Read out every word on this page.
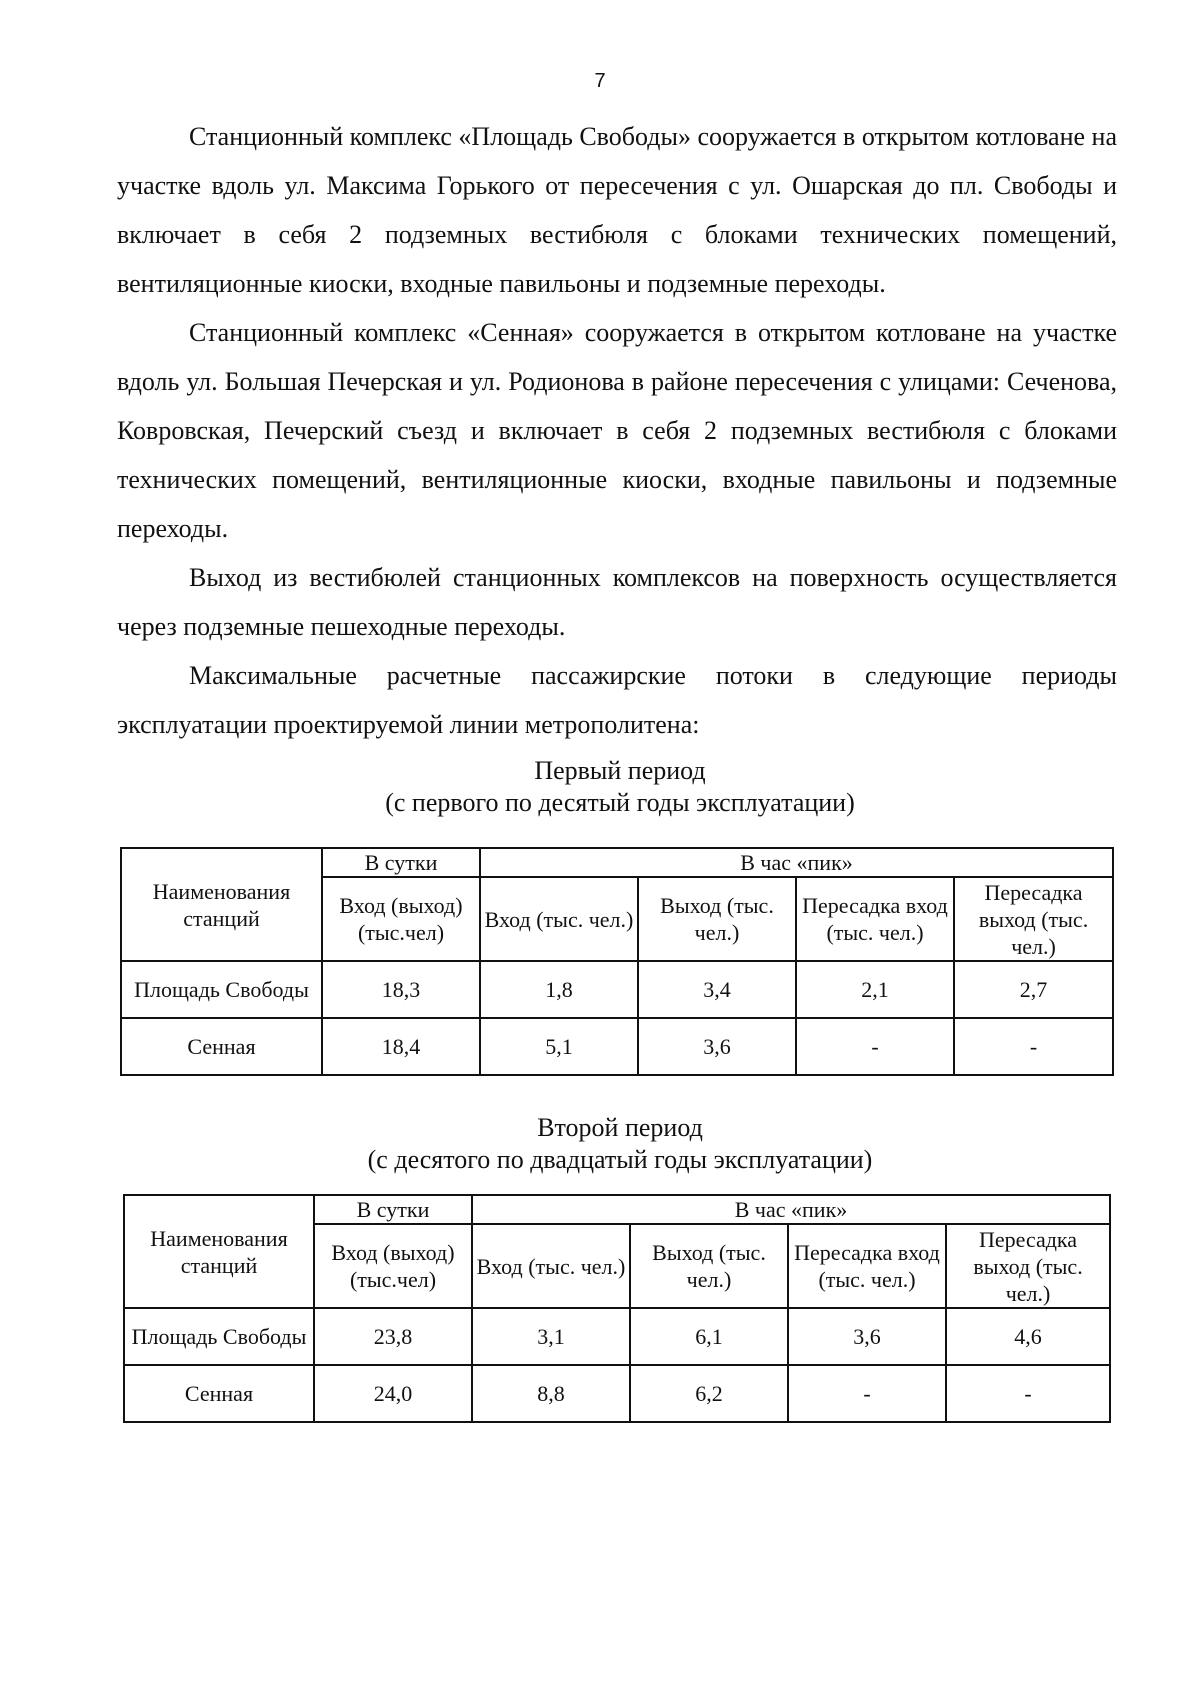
7

Станционный комплекс «Площадь Свободы» сооружается в открытом котловане на участке вдоль ул. Максима Горького от пересечения с ул. Ошарская до пл. Свободы и включает в себя 2 подземных вестибюля с блоками технических помещений, вентиляционные киоски, входные павильоны и подземные переходы.

Станционный комплекс «Сенная» сооружается в открытом котловане на участке вдоль ул. Большая Печерская и ул. Родионова в районе пересечения с улицами: Сеченова, Ковровская, Печерский съезд и включает в себя 2 подземных вестибюля с блоками технических помещений, вентиляционные киоски, входные павильоны и подземные переходы.

Выход из вестибюлей станционных комплексов на поверхность осуществляется через подземные пешеходные переходы.

Максимальные расчетные пассажирские потоки в следующие периоды эксплуатации проектируемой линии метрополитена:

Первый период

(с первого по десятый годы эксплуатации)

Наименования станций	В сутки	В час «пик»			
	Вход (выход) (тыс.чел)	Вход (тыс. чел.)	Выход (тыс. чел.)	Пересадка вход (тыс. чел.)	Пересадка выход (тыс. чел.)
Площадь Свободы	18,3	1,8	3,4	2,1	2,7
Сенная	18,4	5,1	3,6	-	-

Второй период

(с десятого по двадцатый годы эксплуатации)

Наименования станций	В сутки	В час «пик»			
	Вход (выход) (тыс.чел)	Вход (тыс. чел.)	Выход (тыс. чел.)	Пересадка вход (тыс. чел.)	Пересадка выход (тыс. чел.)
Площадь Свободы	23,8	3,1	6,1	3,6	4,6
Сенная	24,0	8,8	6,2	-	-
